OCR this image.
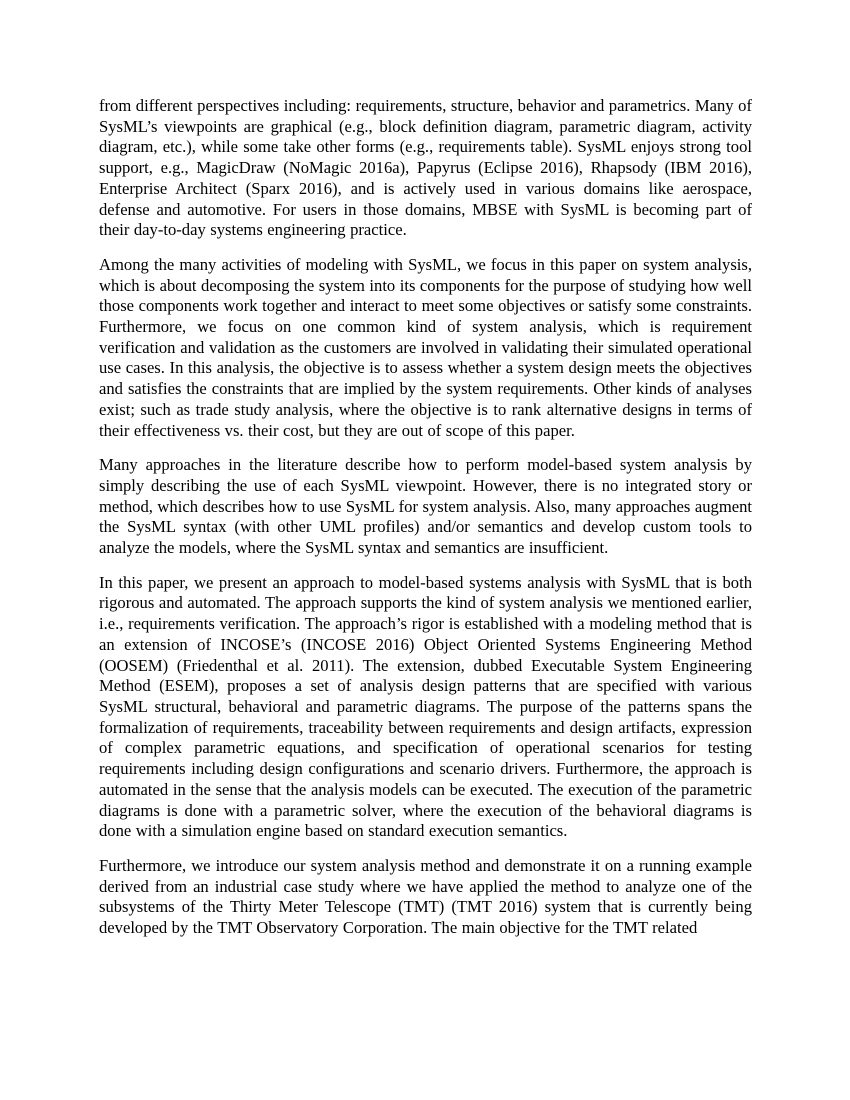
from different perspectives including: requirements, structure, behavior and parametrics. Many of SysML’s viewpoints are graphical (e.g., block definition diagram, parametric diagram, activity diagram, etc.), while some take other forms (e.g., requirements table). SysML enjoys strong tool support, e.g., MagicDraw (NoMagic 2016a), Papyrus (Eclipse 2016), Rhapsody (IBM 2016), Enterprise Architect (Sparx 2016), and is actively used in various domains like aerospace, defense and automotive. For users in those domains, MBSE with SysML is becoming part of their day-to-day systems engineering practice.

Among the many activities of modeling with SysML, we focus in this paper on system analysis, which is about decomposing the system into its components for the purpose of studying how well those components work together and interact to meet some objectives or satisfy some constraints. Furthermore, we focus on one common kind of system analysis, which is requirement verification and validation as the customers are involved in validating their simulated operational use cases. In this analysis, the objective is to assess whether a system design meets the objectives and satisfies the constraints that are implied by the system requirements. Other kinds of analyses exist; such as trade study analysis, where the objective is to rank alternative designs in terms of their effectiveness vs. their cost, but they are out of scope of this paper.

Many approaches in the literature describe how to perform model-based system analysis by simply describing the use of each SysML viewpoint. However, there is no integrated story or method, which describes how to use SysML for system analysis. Also, many approaches augment the SysML syntax (with other UML profiles) and/or semantics and develop custom tools to analyze the models, where the SysML syntax and semantics are insufficient.

In this paper, we present an approach to model-based systems analysis with SysML that is both rigorous and automated. The approach supports the kind of system analysis we mentioned earlier, i.e., requirements verification. The approach’s rigor is established with a modeling method that is an extension of INCOSE’s (INCOSE 2016) Object Oriented Systems Engineering Method (OOSEM) (Friedenthal et al. 2011). The extension, dubbed Executable System Engineering Method (ESEM), proposes a set of analysis design patterns that are specified with various SysML structural, behavioral and parametric diagrams. The purpose of the patterns spans the formalization of requirements, traceability between requirements and design artifacts, expression of complex parametric equations, and specification of operational scenarios for testing requirements including design configurations and scenario drivers. Furthermore, the approach is automated in the sense that the analysis models can be executed. The execution of the parametric diagrams is done with a parametric solver, where the execution of the behavioral diagrams is done with a simulation engine based on standard execution semantics.

Furthermore, we introduce our system analysis method and demonstrate it on a running example derived from an industrial case study where we have applied the method to analyze one of the subsystems of the Thirty Meter Telescope (TMT) (TMT 2016) system that is currently being developed by the TMT Observatory Corporation. The main objective for the TMT related
